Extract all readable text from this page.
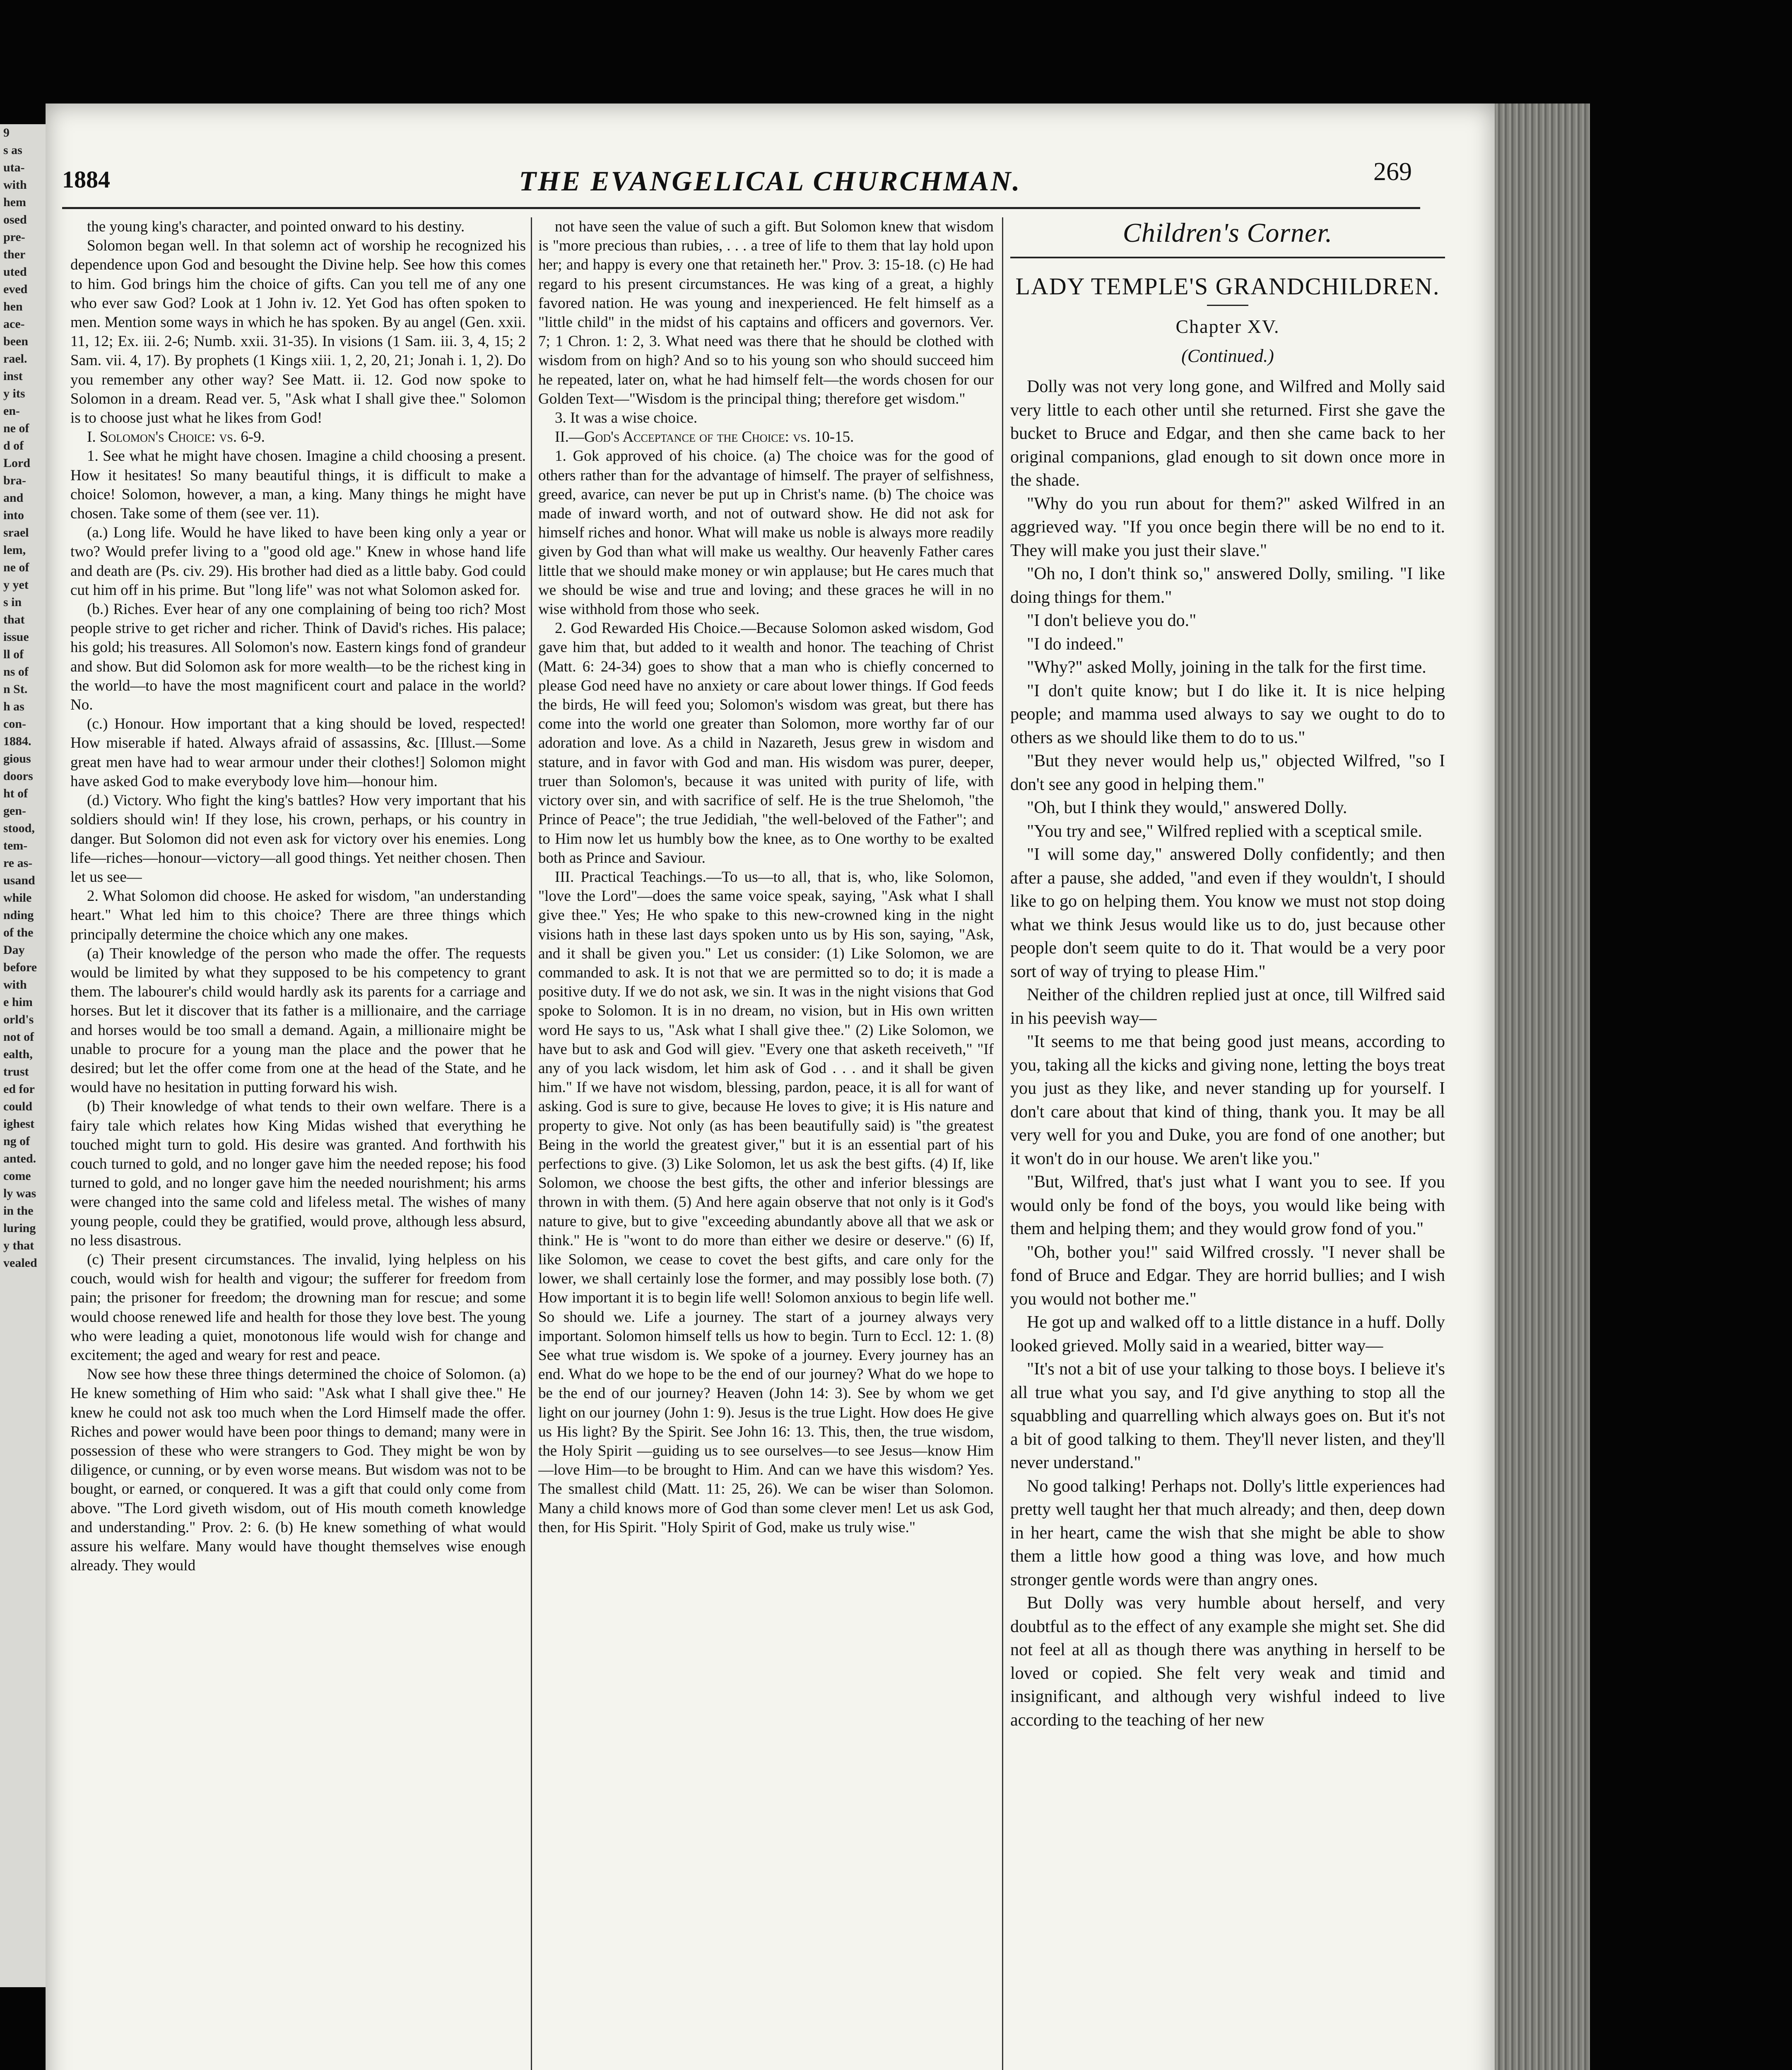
9
s as
uta-
with
hem
osed
pre-
ther
uted
eved
hen
ace-
been
rael.
inst
y its
en-
ne of
d of
Lord
bra-
and
into
srael
lem,
ne of
y yet
s in
that
issue
ll of
ns of
n St.
h as
con-
1884.
gious
doors
ht of
gen-
stood,
tem-
re as-
usand
while
nding
of the
Day
before
with
e him
orld's
not of
ealth,
trust
ed for
could
ighest
ng of
anted.
come
ly was
in the
luring
y that
vealed
1884	THE EVANGELICAL CHURCHMAN.	269

the young king's character, and pointed onward to his destiny.

Solomon began well. In that solemn act of worship he recognized his dependence upon God and besought the Divine help. See how this comes to him. God brings him the choice of gifts. Can you tell me of any one who ever saw God? Look at 1 John iv. 12. Yet God has often spoken to men. Mention some ways in which he has spoken. By au angel (Gen. xxii. 11, 12; Ex. iii. 2-6; Numb. xxii. 31-35). In visions (1 Sam. iii. 3, 4, 15; 2 Sam. vii. 4, 17). By prophets (1 Kings xiii. 1, 2, 20, 21; Jonah i. 1, 2). Do you remember any other way? See Matt. ii. 12. God now spoke to Solomon in a dream. Read ver. 5, "Ask what I shall give thee." Solomon is to choose just what he likes from God!

I. Solomon's Choice: vs. 6-9.

1. See what he might have chosen. Imagine a child choosing a present. How it hesitates! So many beautiful things, it is difficult to make a choice! Solomon, however, a man, a king. Many things he might have chosen. Take some of them (see ver. 11).

(a.) Long life. Would he have liked to have been king only a year or two? Would prefer living to a "good old age." Knew in whose hand life and death are (Ps. civ. 29). His brother had died as a little baby. God could cut him off in his prime. But "long life" was not what Solomon asked for.

(b.) Riches. Ever hear of any one complaining of being too rich? Most people strive to get richer and richer. Think of David's riches. His palace; his gold; his treasures. All Solomon's now. Eastern kings fond of grandeur and show. But did Solomon ask for more wealth—to be the richest king in the world—to have the most magnificent court and palace in the world? No.

(c.) Honour. How important that a king should be loved, respected! How miserable if hated. Always afraid of assassins, &c. [Illust.—Some great men have had to wear armour under their clothes!] Solomon might have asked God to make everybody love him—honour him.

(d.) Victory. Who fight the king's battles? How very important that his soldiers should win! If they lose, his crown, perhaps, or his country in danger. But Solomon did not even ask for victory over his enemies. Long life—riches—honour—victory—all good things. Yet neither chosen. Then let us see—

2. What Solomon did choose. He asked for wisdom, "an understanding heart." What led him to this choice? There are three things which principally determine the choice which any one makes.

(a) Their knowledge of the person who made the offer. The requests would be limited by what they supposed to be his competency to grant them. The labourer's child would hardly ask its parents for a carriage and horses. But let it discover that its father is a millionaire, and the carriage and horses would be too small a demand. Again, a millionaire might be unable to procure for a young man the place and the power that he desired; but let the offer come from one at the head of the State, and he would have no hesitation in putting forward his wish.

(b) Their knowledge of what tends to their own welfare. There is a fairy tale which relates how King Midas wished that everything he touched might turn to gold. His desire was granted. And forthwith his couch turned to gold, and no longer gave him the needed repose; his food turned to gold, and no longer gave him the needed nourishment; his arms were changed into the same cold and lifeless metal. The wishes of many young people, could they be gratified, would prove, although less absurd, no less disastrous.

(c) Their present circumstances. The invalid, lying helpless on his couch, would wish for health and vigour; the sufferer for freedom from pain; the prisoner for freedom; the drowning man for rescue; and some would choose renewed life and health for those they love best. The young who were leading a quiet, monotonous life would wish for change and excitement; the aged and weary for rest and peace.

Now see how these three things determined the choice of Solomon. (a) He knew something of Him who said: "Ask what I shall give thee." He knew he could not ask too much when the Lord Himself made the offer. Riches and power would have been poor things to demand; many were in possession of these who were strangers to God. They might be won by diligence, or cunning, or by even worse means. But wisdom was not to be bought, or earned, or conquered. It was a gift that could only come from above. "The Lord giveth wisdom, out of His mouth cometh knowledge and understanding." Prov. 2: 6. (b) He knew something of what would assure his welfare. Many would have thought themselves wise enough already. They would

not have seen the value of such a gift. But Solomon knew that wisdom is "more precious than rubies, . . . a tree of life to them that lay hold upon her; and happy is every one that retaineth her." Prov. 3: 15-18. (c) He had regard to his present circumstances. He was king of a great, a highly favored nation. He was young and inexperienced. He felt himself as a "little child" in the midst of his captains and officers and governors. Ver. 7; 1 Chron. 1: 2, 3. What need was there that he should be clothed with wisdom from on high? And so to his young son who should succeed him he repeated, later on, what he had himself felt—the words chosen for our Golden Text—"Wisdom is the principal thing; therefore get wisdom."

3. It was a wise choice.

II.—God's Acceptance of the Choice: vs. 10-15.

1. Gok approved of his choice. (a) The choice was for the good of others rather than for the advantage of himself. The prayer of selfishness, greed, avarice, can never be put up in Christ's name. (b) The choice was made of inward worth, and not of outward show. He did not ask for himself riches and honor. What will make us noble is always more readily given by God than what will make us wealthy. Our heavenly Father cares little that we should make money or win applause; but He cares much that we should be wise and true and loving; and these graces he will in no wise withhold from those who seek.

2. God Rewarded His Choice.—Because Solomon asked wisdom, God gave him that, but added to it wealth and honor. The teaching of Christ (Matt. 6: 24-34) goes to show that a man who is chiefly concerned to please God need have no anxiety or care about lower things. If God feeds the birds, He will feed you; Solomon's wisdom was great, but there has come into the world one greater than Solomon, more worthy far of our adoration and love. As a child in Nazareth, Jesus grew in wisdom and stature, and in favor with God and man. His wisdom was purer, deeper, truer than Solomon's, because it was united with purity of life, with victory over sin, and with sacrifice of self. He is the true Shelomoh, "the Prince of Peace"; the true Jedidiah, "the well-beloved of the Father"; and to Him now let us humbly bow the knee, as to One worthy to be exalted both as Prince and Saviour.

III. Practical Teachings.—To us—to all, that is, who, like Solomon, "love the Lord"—does the same voice speak, saying, "Ask what I shall give thee." Yes; He who spake to this new-crowned king in the night visions hath in these last days spoken unto us by His son, saying, "Ask, and it shall be given you." Let us consider: (1) Like Solomon, we are commanded to ask. It is not that we are permitted so to do; it is made a positive duty. If we do not ask, we sin. It was in the night visions that God spoke to Solomon. It is in no dream, no vision, but in His own written word He says to us, "Ask what I shall give thee." (2) Like Solomon, we have but to ask and God will giev. "Every one that asketh receiveth," "If any of you lack wisdom, let him ask of God . . . and it shall be given him." If we have not wisdom, blessing, pardon, peace, it is all for want of asking. God is sure to give, because He loves to give; it is His nature and property to give. Not only (as has been beautifully said) is "the greatest Being in the world the greatest giver," but it is an essential part of his perfections to give. (3) Like Solomon, let us ask the best gifts. (4) If, like Solomon, we choose the best gifts, the other and inferior blessings are thrown in with them. (5) And here again observe that not only is it God's nature to give, but to give "exceeding abundantly above all that we ask or think." He is "wont to do more than either we desire or deserve." (6) If, like Solomon, we cease to covet the best gifts, and care only for the lower, we shall certainly lose the former, and may possibly lose both. (7) How important it is to begin life well! Solomon anxious to begin life well. So should we. Life a journey. The start of a journey always very important. Solomon himself tells us how to begin. Turn to Eccl. 12: 1. (8) See what true wisdom is. We spoke of a journey. Every journey has an end. What do we hope to be the end of our journey? What do we hope to be the end of our journey? Heaven (John 14: 3). See by whom we get light on our journey (John 1: 9). Jesus is the true Light. How does He give us His light? By the Spirit. See John 16: 13. This, then, the true wisdom, the Holy Spirit —guiding us to see ourselves—to see Jesus—know Him—love Him—to be brought to Him. And can we have this wisdom? Yes. The smallest child (Matt. 11: 25, 26). We can be wiser than Solomon. Many a child knows more of God than some clever men! Let us ask God, then, for His Spirit. "Holy Spirit of God, make us truly wise."

Children's Corner.
LADY TEMPLE'S GRANDCHILDREN.
Chapter XV.
(Continued.)

Dolly was not very long gone, and Wilfred and Molly said very little to each other until she returned. First she gave the bucket to Bruce and Edgar, and then she came back to her original companions, glad enough to sit down once more in the shade.

"Why do you run about for them?" asked Wilfred in an aggrieved way. "If you once begin there will be no end to it. They will make you just their slave."

"Oh no, I don't think so," answered Dolly, smiling. "I like doing things for them."

"I don't believe you do."

"I do indeed."

"Why?" asked Molly, joining in the talk for the first time.

"I don't quite know; but I do like it. It is nice helping people; and mamma used always to say we ought to do to others as we should like them to do to us."

"But they never would help us," objected Wilfred, "so I don't see any good in helping them."

"Oh, but I think they would," answered Dolly.

"You try and see," Wilfred replied with a sceptical smile.

"I will some day," answered Dolly confidently; and then after a pause, she added, "and even if they wouldn't, I should like to go on helping them. You know we must not stop doing what we think Jesus would like us to do, just because other people don't seem quite to do it. That would be a very poor sort of way of trying to please Him."

Neither of the children replied just at once, till Wilfred said in his peevish way—

"It seems to me that being good just means, according to you, taking all the kicks and giving none, letting the boys treat you just as they like, and never standing up for yourself. I don't care about that kind of thing, thank you. It may be all very well for you and Duke, you are fond of one another; but it won't do in our house. We aren't like you."

"But, Wilfred, that's just what I want you to see. If you would only be fond of the boys, you would like being with them and helping them; and they would grow fond of you."

"Oh, bother you!" said Wilfred crossly. "I never shall be fond of Bruce and Edgar. They are horrid bullies; and I wish you would not bother me."

He got up and walked off to a little distance in a huff. Dolly looked grieved. Molly said in a wearied, bitter way—

"It's not a bit of use your talking to those boys. I believe it's all true what you say, and I'd give anything to stop all the squabbling and quarrelling which always goes on. But it's not a bit of good talking to them. They'll never listen, and they'll never understand."

No good talking! Perhaps not. Dolly's little experiences had pretty well taught her that much already; and then, deep down in her heart, came the wish that she might be able to show them a little how good a thing was love, and how much stronger gentle words were than angry ones.

But Dolly was very humble about herself, and very doubtful as to the effect of any example she might set. She did not feel at all as though there was anything in herself to be loved or copied. She felt very weak and timid and insignificant, and although very wishful indeed to live according to the teaching of her new
